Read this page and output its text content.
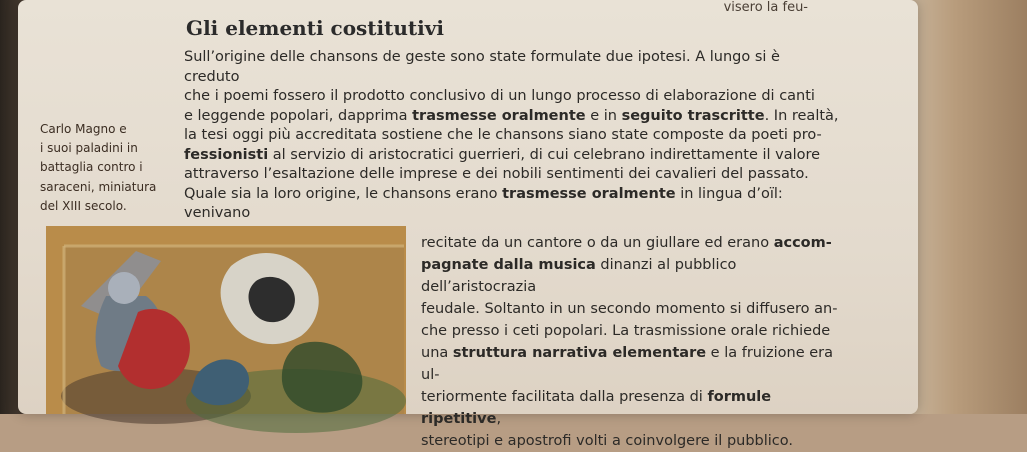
visero la feu-
Gli elementi costitutivi
Carlo Magno e
i suoi paladini in
battaglia contro i
saraceni, miniatura
del XIII secolo.

Sull’origine delle chansons de geste sono state formulate due ipotesi. A lungo si è creduto

che i poemi fossero il prodotto conclusivo di un lungo processo di elaborazione di canti

e leggende popolari, dapprima trasmesse oralmente e in seguito trascritte. In realtà,

la tesi oggi più accreditata sostiene che le chansons siano state composte da poeti pro-

fessionisti al servizio di aristocratici guerrieri, di cui celebrano indirettamente il valore

attraverso l’esaltazione delle imprese e dei nobili sentimenti dei cavalieri del passato.

Quale sia la loro origine, le chansons erano trasmesse oralmente in lingua d’oïl: venivano

recitate da un cantore o da un giullare ed erano accom-
pagnate dalla musica dinanzi al pubblico dell’aristocrazia
feudale. Soltanto in un secondo momento si diffusero an-
che presso i ceti popolari. La trasmissione orale richiede
una struttura narrativa elementare e la fruizione era ul-
teriormente facilitata dalla presenza di formule ripetitive,
stereotipi e apostrofi volti a coinvolgere il pubblico.
